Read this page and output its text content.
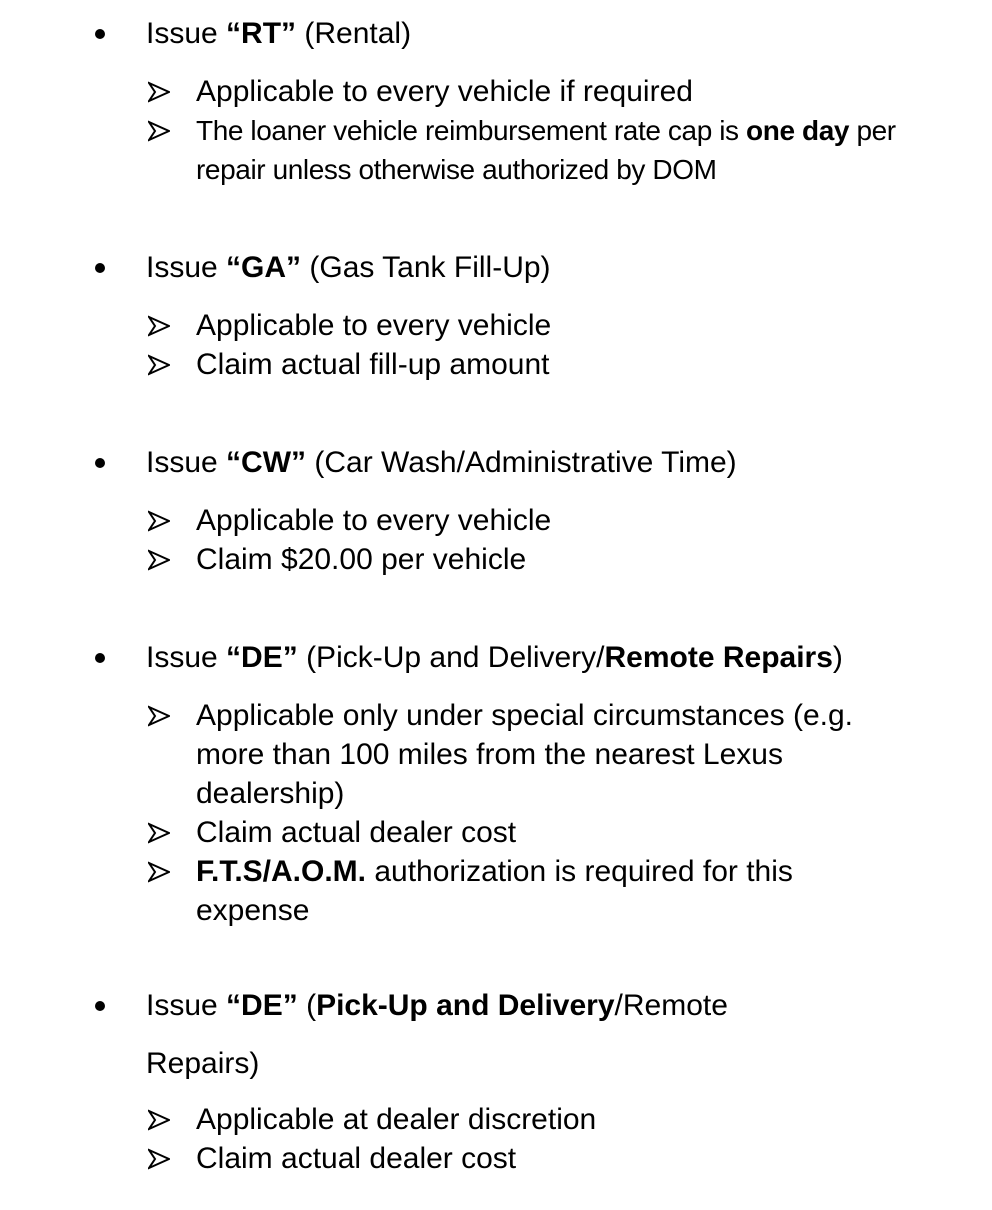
Issue “RT” (Rental)
Applicable to every vehicle if required
The loaner vehicle reimbursement rate cap is one day per repair unless otherwise authorized by DOM
Issue “GA” (Gas Tank Fill-Up)
Applicable to every vehicle
Claim actual fill-up amount
Issue “CW” (Car Wash/Administrative Time)
Applicable to every vehicle
Claim $20.00 per vehicle
Issue “DE” (Pick-Up and Delivery/Remote Repairs)
Applicable only under special circumstances (e.g. more than 100 miles from the nearest Lexus dealership)
Claim actual dealer cost
F.T.S/A.O.M. authorization is required for this expense
Issue “DE” (Pick-Up and Delivery/Remote Repairs)
Applicable at dealer discretion
Claim actual dealer cost
